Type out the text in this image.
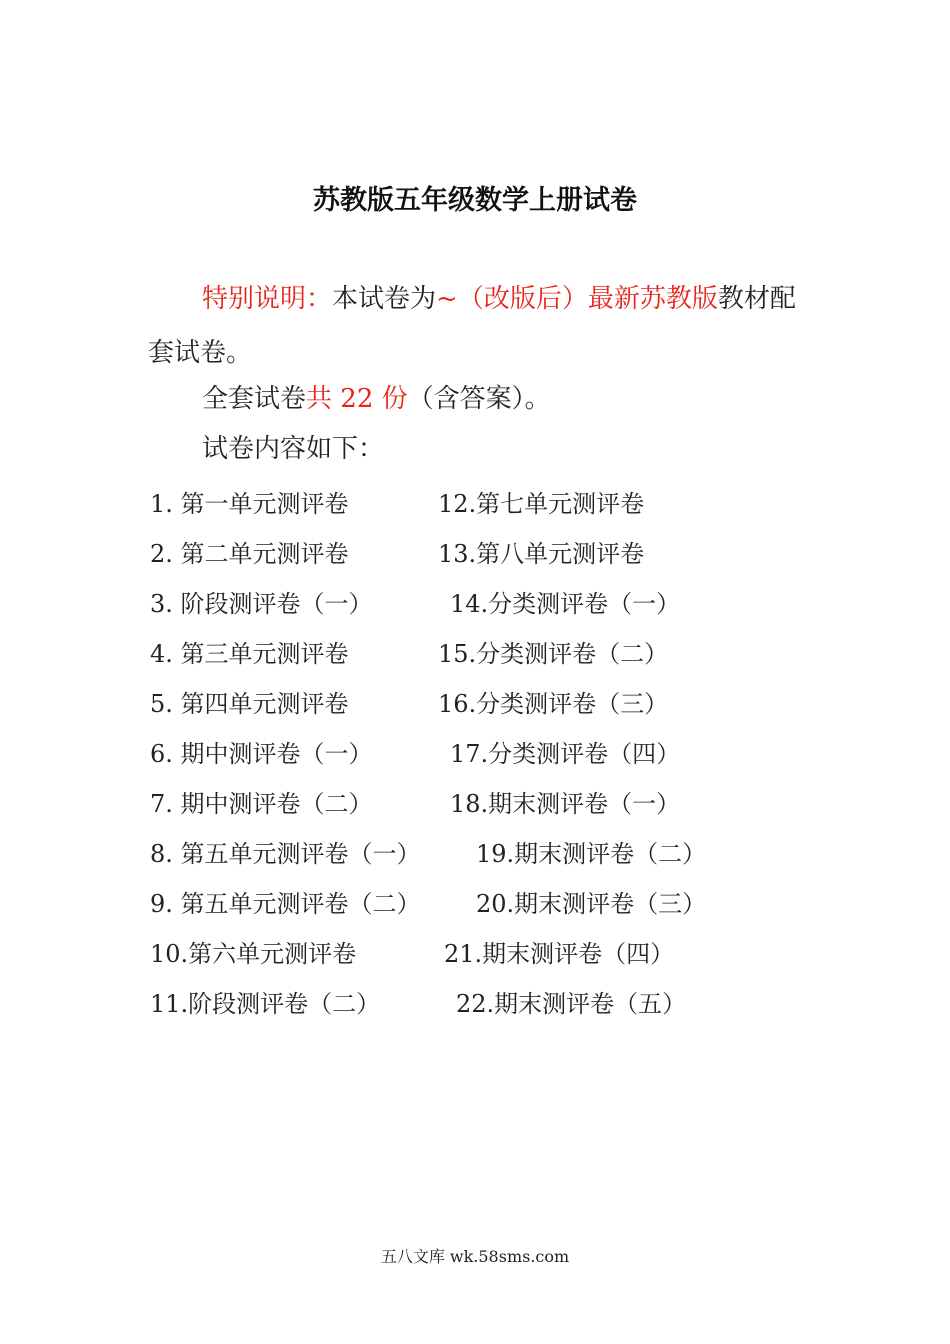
苏教版五年级数学上册试卷
特别说明：本试卷为~（改版后）最新苏教版教材配套试卷。
全套试卷共 22 份（含答案）。
试卷内容如下：
1. 第一单元测评卷
2. 第二单元测评卷
3. 阶段测评卷（一）
4. 第三单元测评卷
5. 第四单元测评卷
6. 期中测评卷（一）
7. 期中测评卷（二）
8. 第五单元测评卷（一）
9. 第五单元测评卷（二）
10.第六单元测评卷
11.阶段测评卷（二）
12.第七单元测评卷
13.第八单元测评卷
14.分类测评卷（一）
15.分类测评卷（二）
16.分类测评卷（三）
17.分类测评卷（四）
18.期末测评卷（一）
19.期末测评卷（二）
20.期末测评卷（三）
21.期末测评卷（四）
22.期末测评卷（五）
五八文库 wk.58sms.com
